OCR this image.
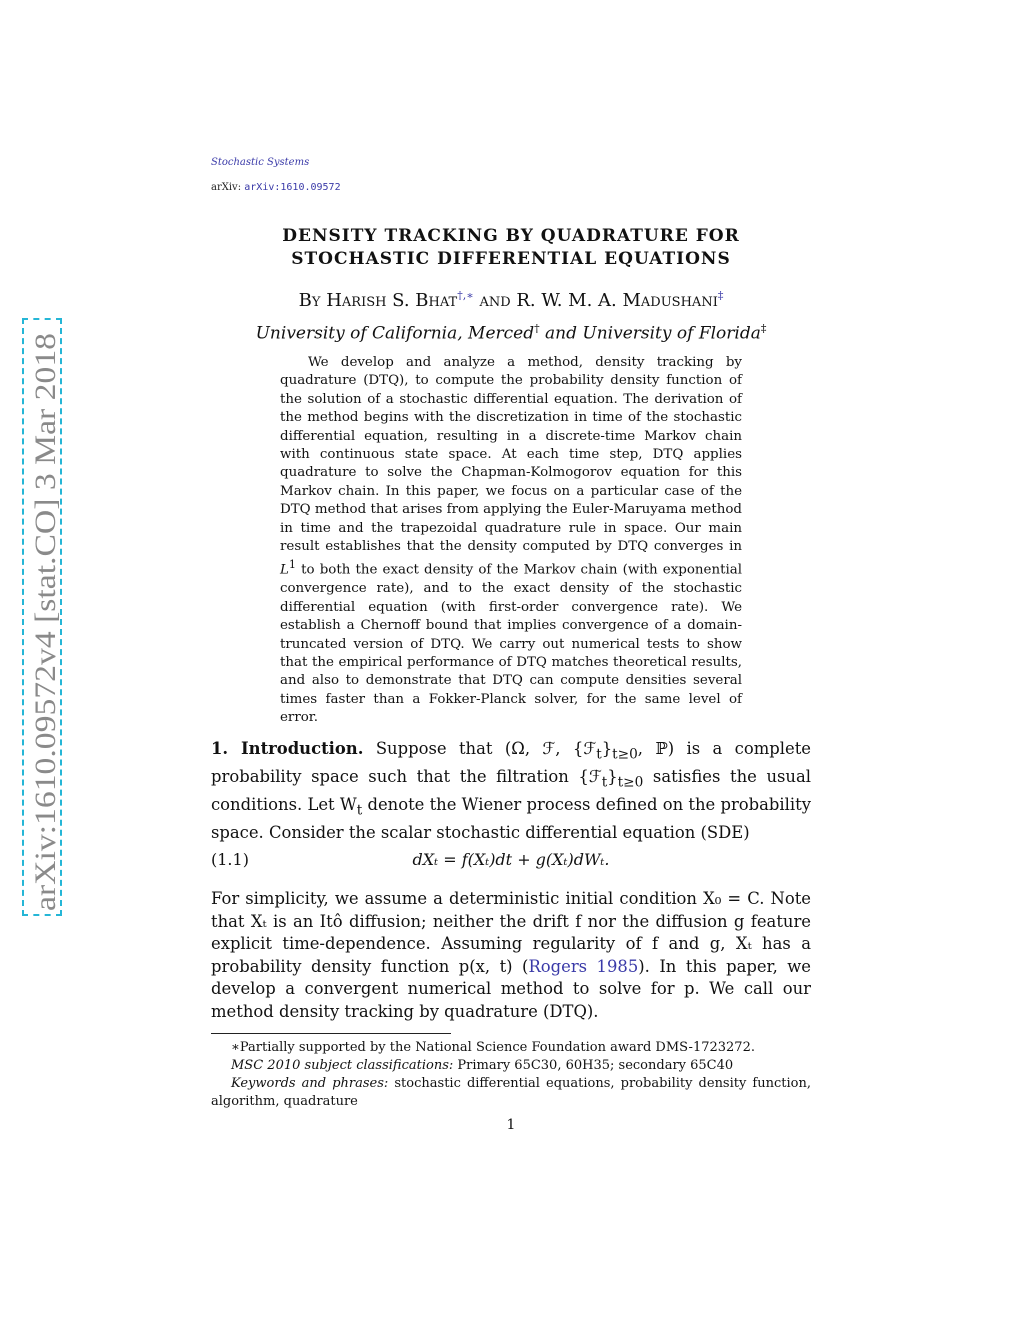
Stochastic Systems
arXiv: arXiv:1610.09572
arXiv:1610.09572v4 [stat.CO] 3 Mar 2018
DENSITY TRACKING BY QUADRATURE FOR
STOCHASTIC DIFFERENTIAL EQUATIONS
By Harish S. Bhat†,∗ and R. W. M. A. Madushani‡
University of California, Merced† and University of Florida‡
We develop and analyze a method, density tracking by quadrature (DTQ), to compute the probability density function of the solution of a stochastic differential equation. The derivation of the method begins with the discretization in time of the stochastic differential equation, resulting in a discrete-time Markov chain with continuous state space. At each time step, DTQ applies quadrature to solve the Chapman-Kolmogorov equation for this Markov chain. In this paper, we focus on a particular case of the DTQ method that arises from applying the Euler-Maruyama method in time and the trapezoidal quadrature rule in space. Our main result establishes that the density computed by DTQ converges in $L^1$ to both the exact density of the Markov chain (with exponential convergence rate), and to the exact density of the stochastic differential equation (with first-order convergence rate). We establish a Chernoff bound that implies convergence of a domain-truncated version of DTQ. We carry out numerical tests to show that the empirical performance of DTQ matches theoretical results, and also to demonstrate that DTQ can compute densities several times faster than a Fokker-Planck solver, for the same level of error.
1. Introduction. Suppose that (Ω, ℱ, $\{ℱ_t\}_{t\ge 0}$, ℙ) is a complete probability space such that the filtration $\{ℱ_t\}_{t\ge 0}$ satisfies the usual conditions. Let $W_t$ denote the Wiener process defined on the probability space. Consider the scalar stochastic differential equation (SDE)
(1.1)	dXₜ = f(Xₜ)dt + g(Xₜ)dWₜ.
For simplicity, we assume a deterministic initial condition X₀ = C. Note that Xₜ is an Itô diffusion; neither the drift f nor the diffusion g feature explicit time-dependence. Assuming regularity of f and g, Xₜ has a probability density function p(x, t) (Rogers 1985). In this paper, we develop a convergent numerical method to solve for p. We call our method density tracking by quadrature (DTQ).
∗Partially supported by the National Science Foundation award DMS-1723272.
MSC 2010 subject classifications: Primary 65C30, 60H35; secondary 65C40
Keywords and phrases: stochastic differential equations, probability density function, algorithm, quadrature
1
